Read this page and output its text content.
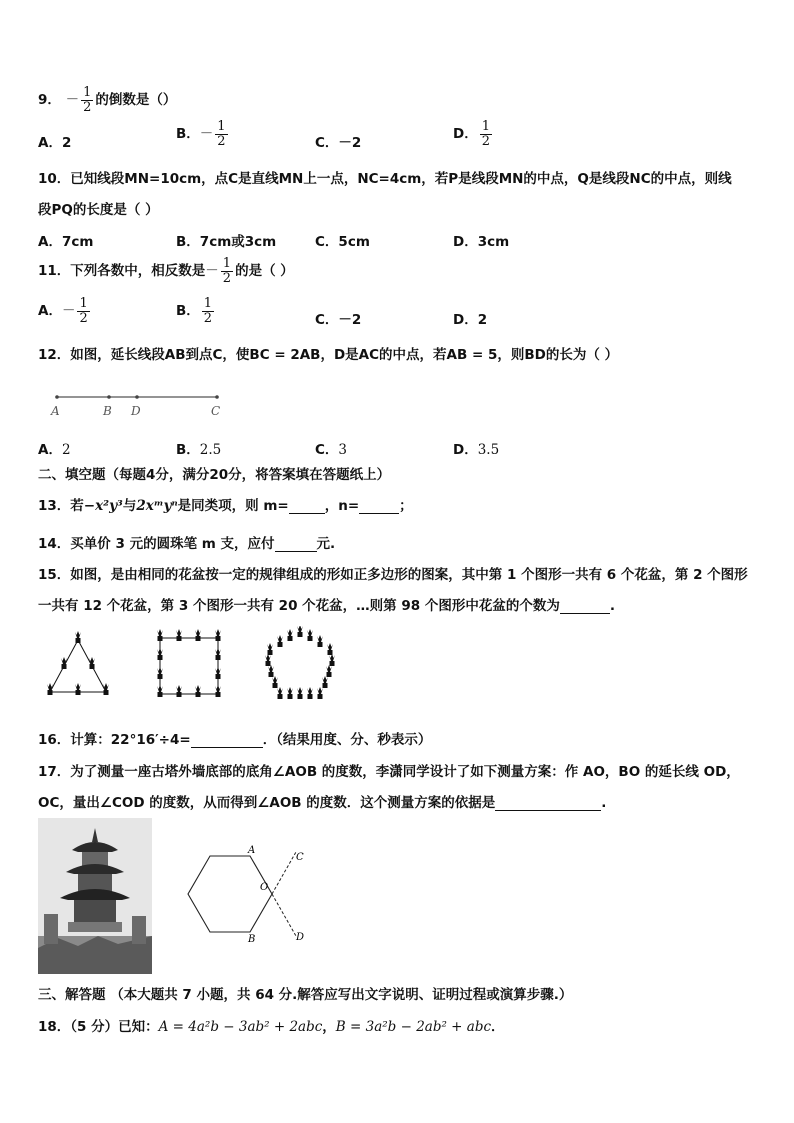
9． － $\frac{1}{2}$ 的倒数是（）
A．2
B．－ $\frac{1}{2}$	C．－2
D． $\frac{1}{2}$
10．已知线段MN=10cm，点C是直线MN上一点，NC=4cm，若P是线段MN的中点，Q是线段NC的中点，则线
段PQ的长度是（ ）
A．7cm	B．7cm或3cm	C．5cm	D．3cm
11．下列各数中，相反数是－ $\frac{1}{2}$ 的是（ ）
A．－ $\frac{1}{2}$	B． $\frac{1}{2}$	C．－2	D．2
12．如图，延长线段AB到点C，使BC = 2AB，D是AC的中点，若AB = 5，则BD的长为（ ）
A	B D	C
A．2	B．2.5	C．3	D．3.5
二、填空题（每题4分，满分20分，将答案填在答题纸上）
13．若−x²y³与2xᵐyⁿ是同类项，则 m=	，n=	；
14．买单价 3 元的圆珠笔 m 支，应付	元.
15．如图，是由相同的花盆按一定的规律组成的形如正多边形的图案，其中第 1 个图形一共有 6 个花盆，第 2 个图形
一共有 12 个花盆，第 3 个图形一共有 20 个花盆，…则第 98 个图形中花盆的个数为	.
16．计算：22°16′÷4=	．（结果用度、分、秒表示）
17．为了测量一座古塔外墙底部的底角∠AOB 的度数，李潇同学设计了如下测量方案：作 AO，BO 的延长线 OD，
OC，量出∠COD 的度数，从而得到∠AOB 的度数．这个测量方案的依据是	.
A
O
C
B	D
三、解答题 （本大题共 7 小题，共 64 分.解答应写出文字说明、证明过程或演算步骤.）
18．（5 分）已知：A = 4a²b − 3ab² + 2abc，B = 3a²b − 2ab² + abc．
